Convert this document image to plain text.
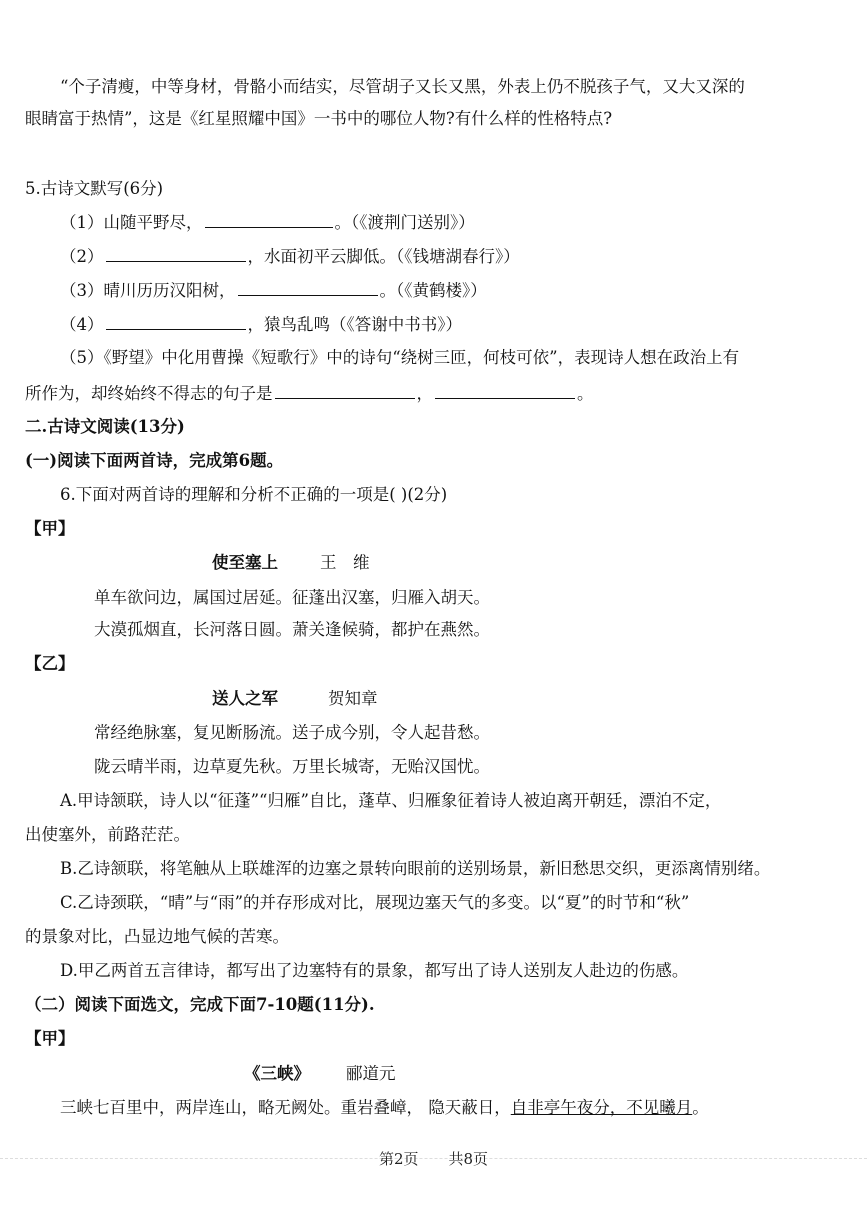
“个子清瘦，中等身材，骨骼小而结实，尽管胡子又长又黑，外表上仍不脱孩子气，又大又深的
眼睛富于热情”，这是《红星照耀中国》一书中的哪位人物?有什么样的性格特点?
5.古诗文默写(6分)
（1）山随平野尽，	。（《渡荆门送别》）
（2）	，水面初平云脚低。（《钱塘湖春行》）
（3）晴川历历汉阳树，	。（《黄鹤楼》）
（4）	，猿鸟乱鸣（《答谢中书书》）
（5）《野望》中化用曹操《短歌行》中的诗句“绕树三匝，何枝可依”，表现诗人想在政治上有
所作为，却终始终不得志的句子是	，	。
二.古诗文阅读(13分)
(一)阅读下面两首诗，完成第6题。
6.下面对两首诗的理解和分析不正确的一项是( )(2分)
【甲】
使至塞上	王　维
单车欲问边，属国过居延。征蓬出汉塞，归雁入胡天。
大漠孤烟直，长河落日圆。萧关逢候骑，都护在燕然。
【乙】
送人之军	贺知章
常经绝脉塞，复见断肠流。送子成今别，令人起昔愁。
陇云晴半雨，边草夏先秋。万里长城寄，无贻汉国忧。
A.甲诗颔联，诗人以“征蓬”“归雁”自比，蓬草、归雁象征着诗人被迫离开朝廷，漂泊不定，
出使塞外，前路茫茫。
B.乙诗颔联，将笔触从上联雄浑的边塞之景转向眼前的送别场景，新旧愁思交织，更添离情别绪。
C.乙诗颈联，“晴”与“雨”的并存形成对比，展现边塞天气的多变。以“夏”的时节和“秋”
的景象对比，凸显边地气候的苦寒。
D.甲乙两首五言律诗，都写出了边塞特有的景象，都写出了诗人送别友人赴边的伤感。
（二）阅读下面选文，完成下面7-10题(11分).
【甲】
《三峡》 郦道元
三峡七百里中，两岸连山，略无阙处。重岩叠嶂， 隐天蔽日，自非亭午夜分，不见曦月。
第2页　　共8页
